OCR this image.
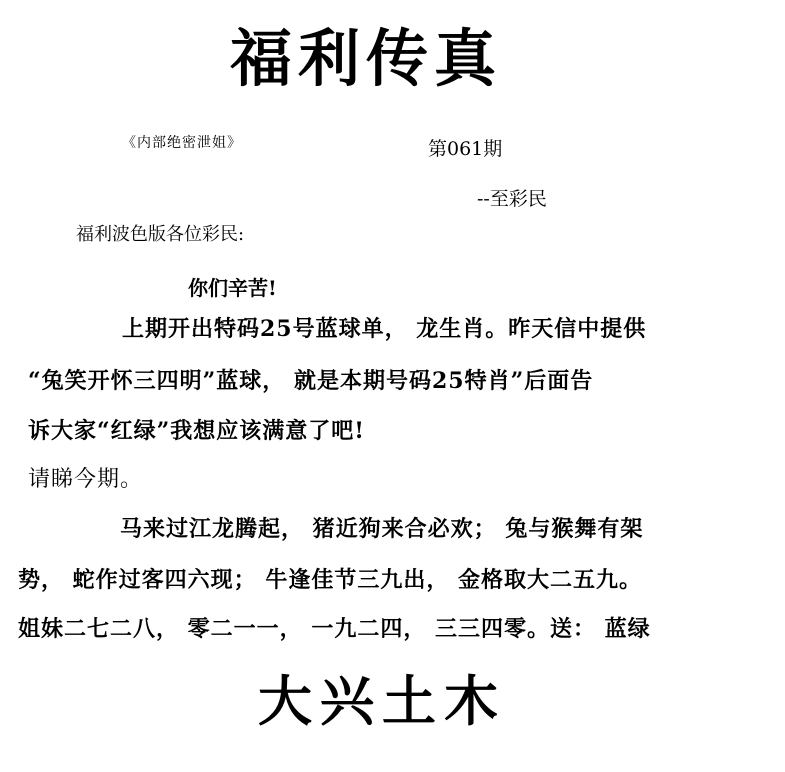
福利传真
《内部绝密泄姐》	第061期
--至彩民
福利波色版各位彩民:
你们辛苦!
上期开出特码25号蓝球单， 龙生肖。昨天信中提供
“兔笑开怀三四明”蓝球， 就是本期号码25特肖”后面告
诉大家“红绿”我想应该满意了吧!
请睇今期。
马来过江龙腾起， 猪近狗来合必欢； 兔与猴舞有架
势， 蛇作过客四六现； 牛逢佳节三九出， 金格取大二五九。
姐妹二七二八， 零二一一， 一九二四， 三三四零。送： 蓝绿
大兴土木
